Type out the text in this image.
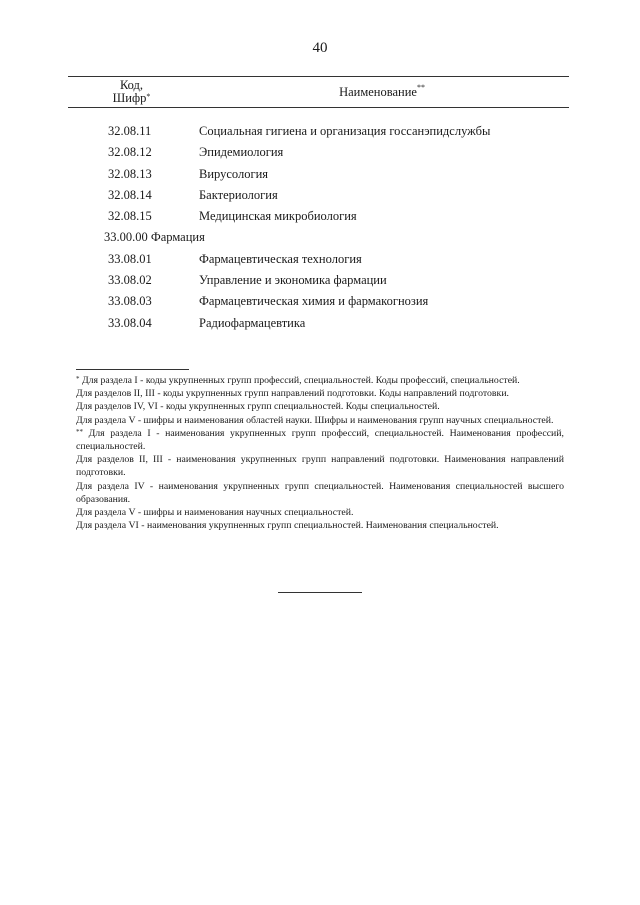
40
Код,
Шифр*	Наименование**
32.08.11	Социальная гигиена и организация госсанэпидслужбы
32.08.12	Эпидемиология
32.08.13	Вирусология
32.08.14	Бактериология
32.08.15	Медицинская микробиология
33.00.00 Фармация
33.08.01	Фармацевтическая технология
33.08.02	Управление и экономика фармации
33.08.03	Фармацевтическая химия и фармакогнозия
33.08.04	Радиофармацевтика

* Для раздела I - коды укрупненных групп профессий, специальностей. Коды профессий, специальностей.

Для разделов II, III - коды укрупненных групп направлений подготовки. Коды направлений подготовки.

Для разделов IV, VI - коды укрупненных групп специальностей. Коды специальностей.

Для раздела V - шифры и наименования областей науки. Шифры и наименования групп научных специальностей.

** Для раздела I - наименования укрупненных групп профессий, специальностей. Наименования профессий, специальностей.

Для разделов II, III - наименования укрупненных групп направлений подготовки. Наименования направлений подготовки.

Для раздела IV - наименования укрупненных групп специальностей. Наименования специальностей высшего образования.

Для раздела V - шифры и наименования научных специальностей.

Для раздела VI - наименования укрупненных групп специальностей. Наименования специальностей.
